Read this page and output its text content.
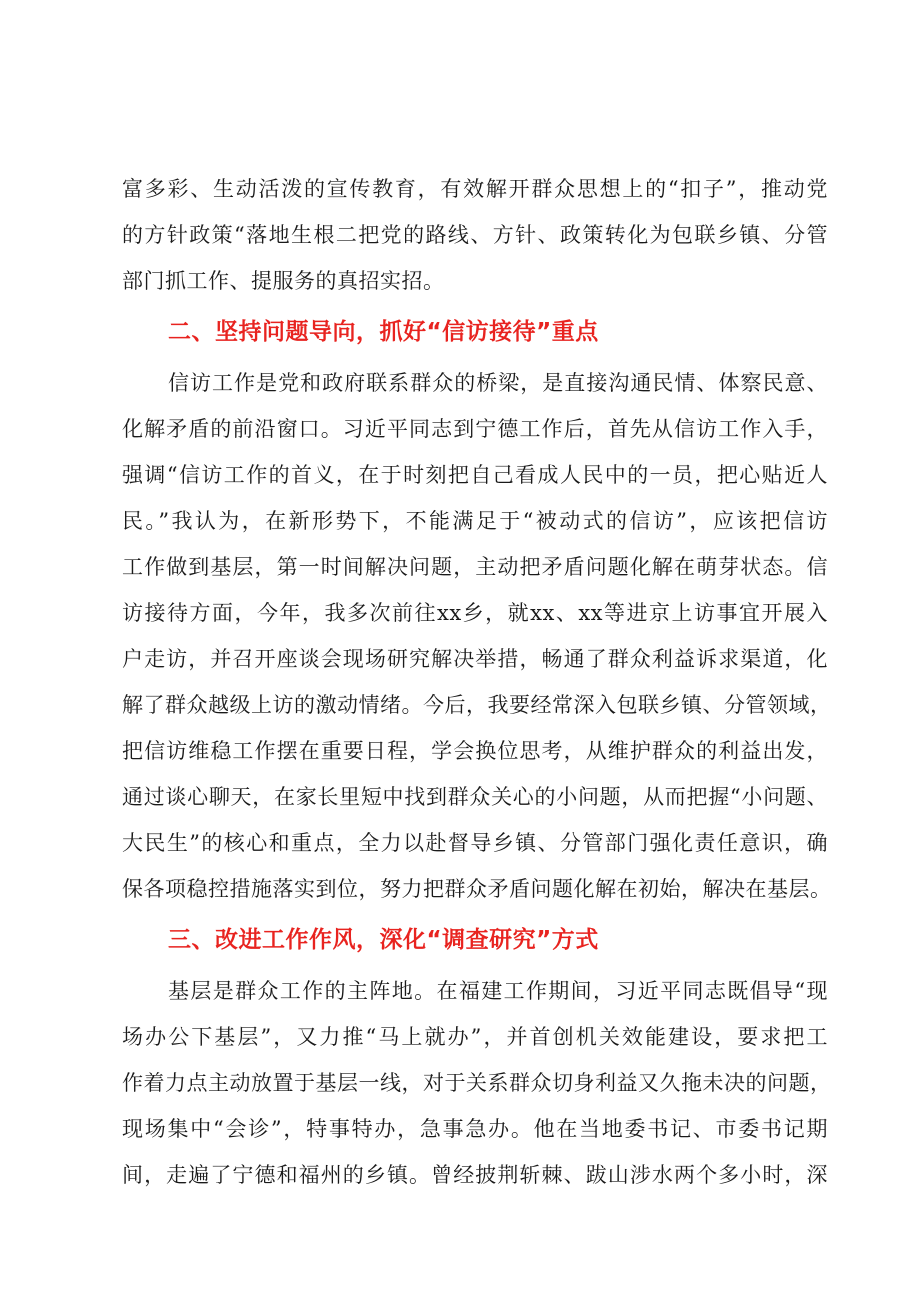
富多彩、生动活泼的宣传教育，有效解开群众思想上的“扣子”，推动党
的方针政策“落地生根二把党的路线、方针、政策转化为包联乡镇、分管
部门抓工作、提服务的真招实招。
二、坚持问题导向，抓好“信访接待”重点
信访工作是党和政府联系群众的桥梁，是直接沟通民情、体察民意、
化解矛盾的前沿窗口。习近平同志到宁德工作后，首先从信访工作入手，
强调“信访工作的首义，在于时刻把自己看成人民中的一员，把心贴近人
民。”我认为，在新形势下，不能满足于“被动式的信访”，应该把信访
工作做到基层，第一时间解决问题，主动把矛盾问题化解在萌芽状态。信
访接待方面，今年，我多次前往xx乡，就xx、xx等进京上访事宜开展入
户走访，并召开座谈会现场研究解决举措，畅通了群众利益诉求渠道，化
解了群众越级上访的激动情绪。今后，我要经常深入包联乡镇、分管领域，
把信访维稳工作摆在重要日程，学会换位思考，从维护群众的利益出发，
通过谈心聊天，在家长里短中找到群众关心的小问题，从而把握“小问题、
大民生”的核心和重点，全力以赴督导乡镇、分管部门强化责任意识，确
保各项稳控措施落实到位，努力把群众矛盾问题化解在初始，解决在基层。
三、改进工作作风，深化“调查研究”方式
基层是群众工作的主阵地。在福建工作期间，习近平同志既倡导“现
场办公下基层”，又力推“马上就办”，并首创机关效能建设，要求把工
作着力点主动放置于基层一线，对于关系群众切身利益又久拖未决的问题，
现场集中“会诊”，特事特办，急事急办。他在当地委书记、市委书记期
间，走遍了宁德和福州的乡镇。曾经披荆斩棘、跋山涉水两个多小时，深
